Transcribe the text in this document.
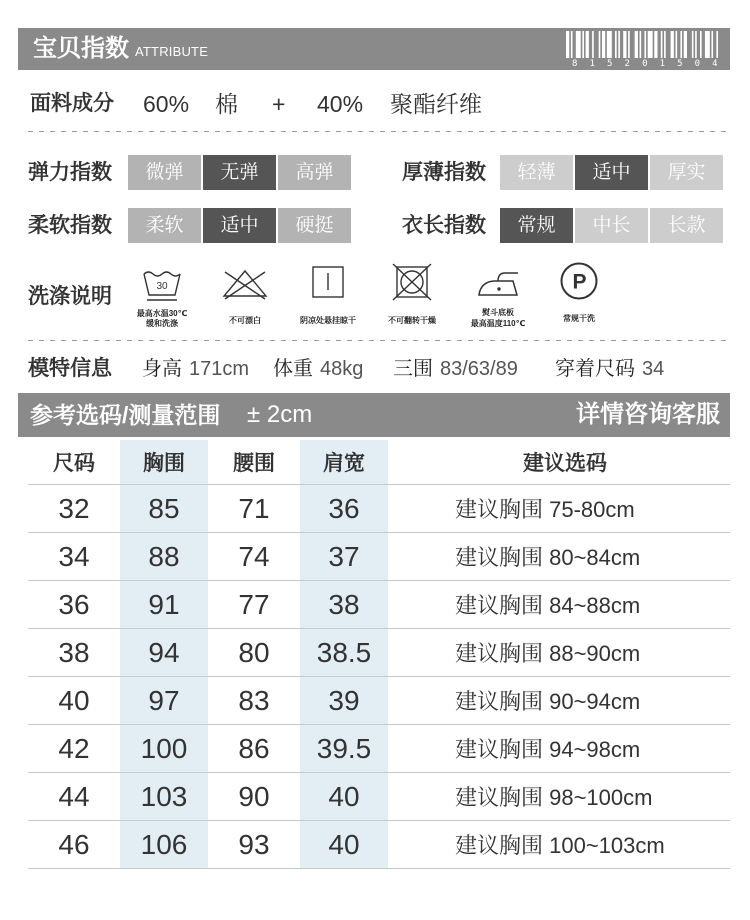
宝贝指数 ATTRIBUTE
815201504
面料成分 60% 棉 + 40% 聚酯纤维
弹力指数	微弹	无弹	高弹	厚薄指数	轻薄	适中	厚实
柔软指数	柔软	适中	硬挺	衣长指数	常规	中长	长款
洗涤说明	30
最高水温30℃
缓和洗涤	不可漂白	阴凉处悬挂晾干	不可翻转干燥
熨斗底板
最高温度110℃
P
常规干洗
模特信息 身高 171cm 体重 48kg 三围 83/63/89 穿着尺码 34
参考选码/测量范围 ± 2cm	详情咨询客服
尺码	胸围	腰围	肩宽	建议选码
32	85	71	36	建议胸围 75-80cm
34	88	74	37	建议胸围 80~84cm
36	91	77	38	建议胸围 84~88cm
38	94	80	38.5	建议胸围 88~90cm
40	97	83	39	建议胸围 90~94cm
42	100	86	39.5	建议胸围 94~98cm
44	103	90	40	建议胸围 98~100cm
46	106	93	40	建议胸围 100~103cm
